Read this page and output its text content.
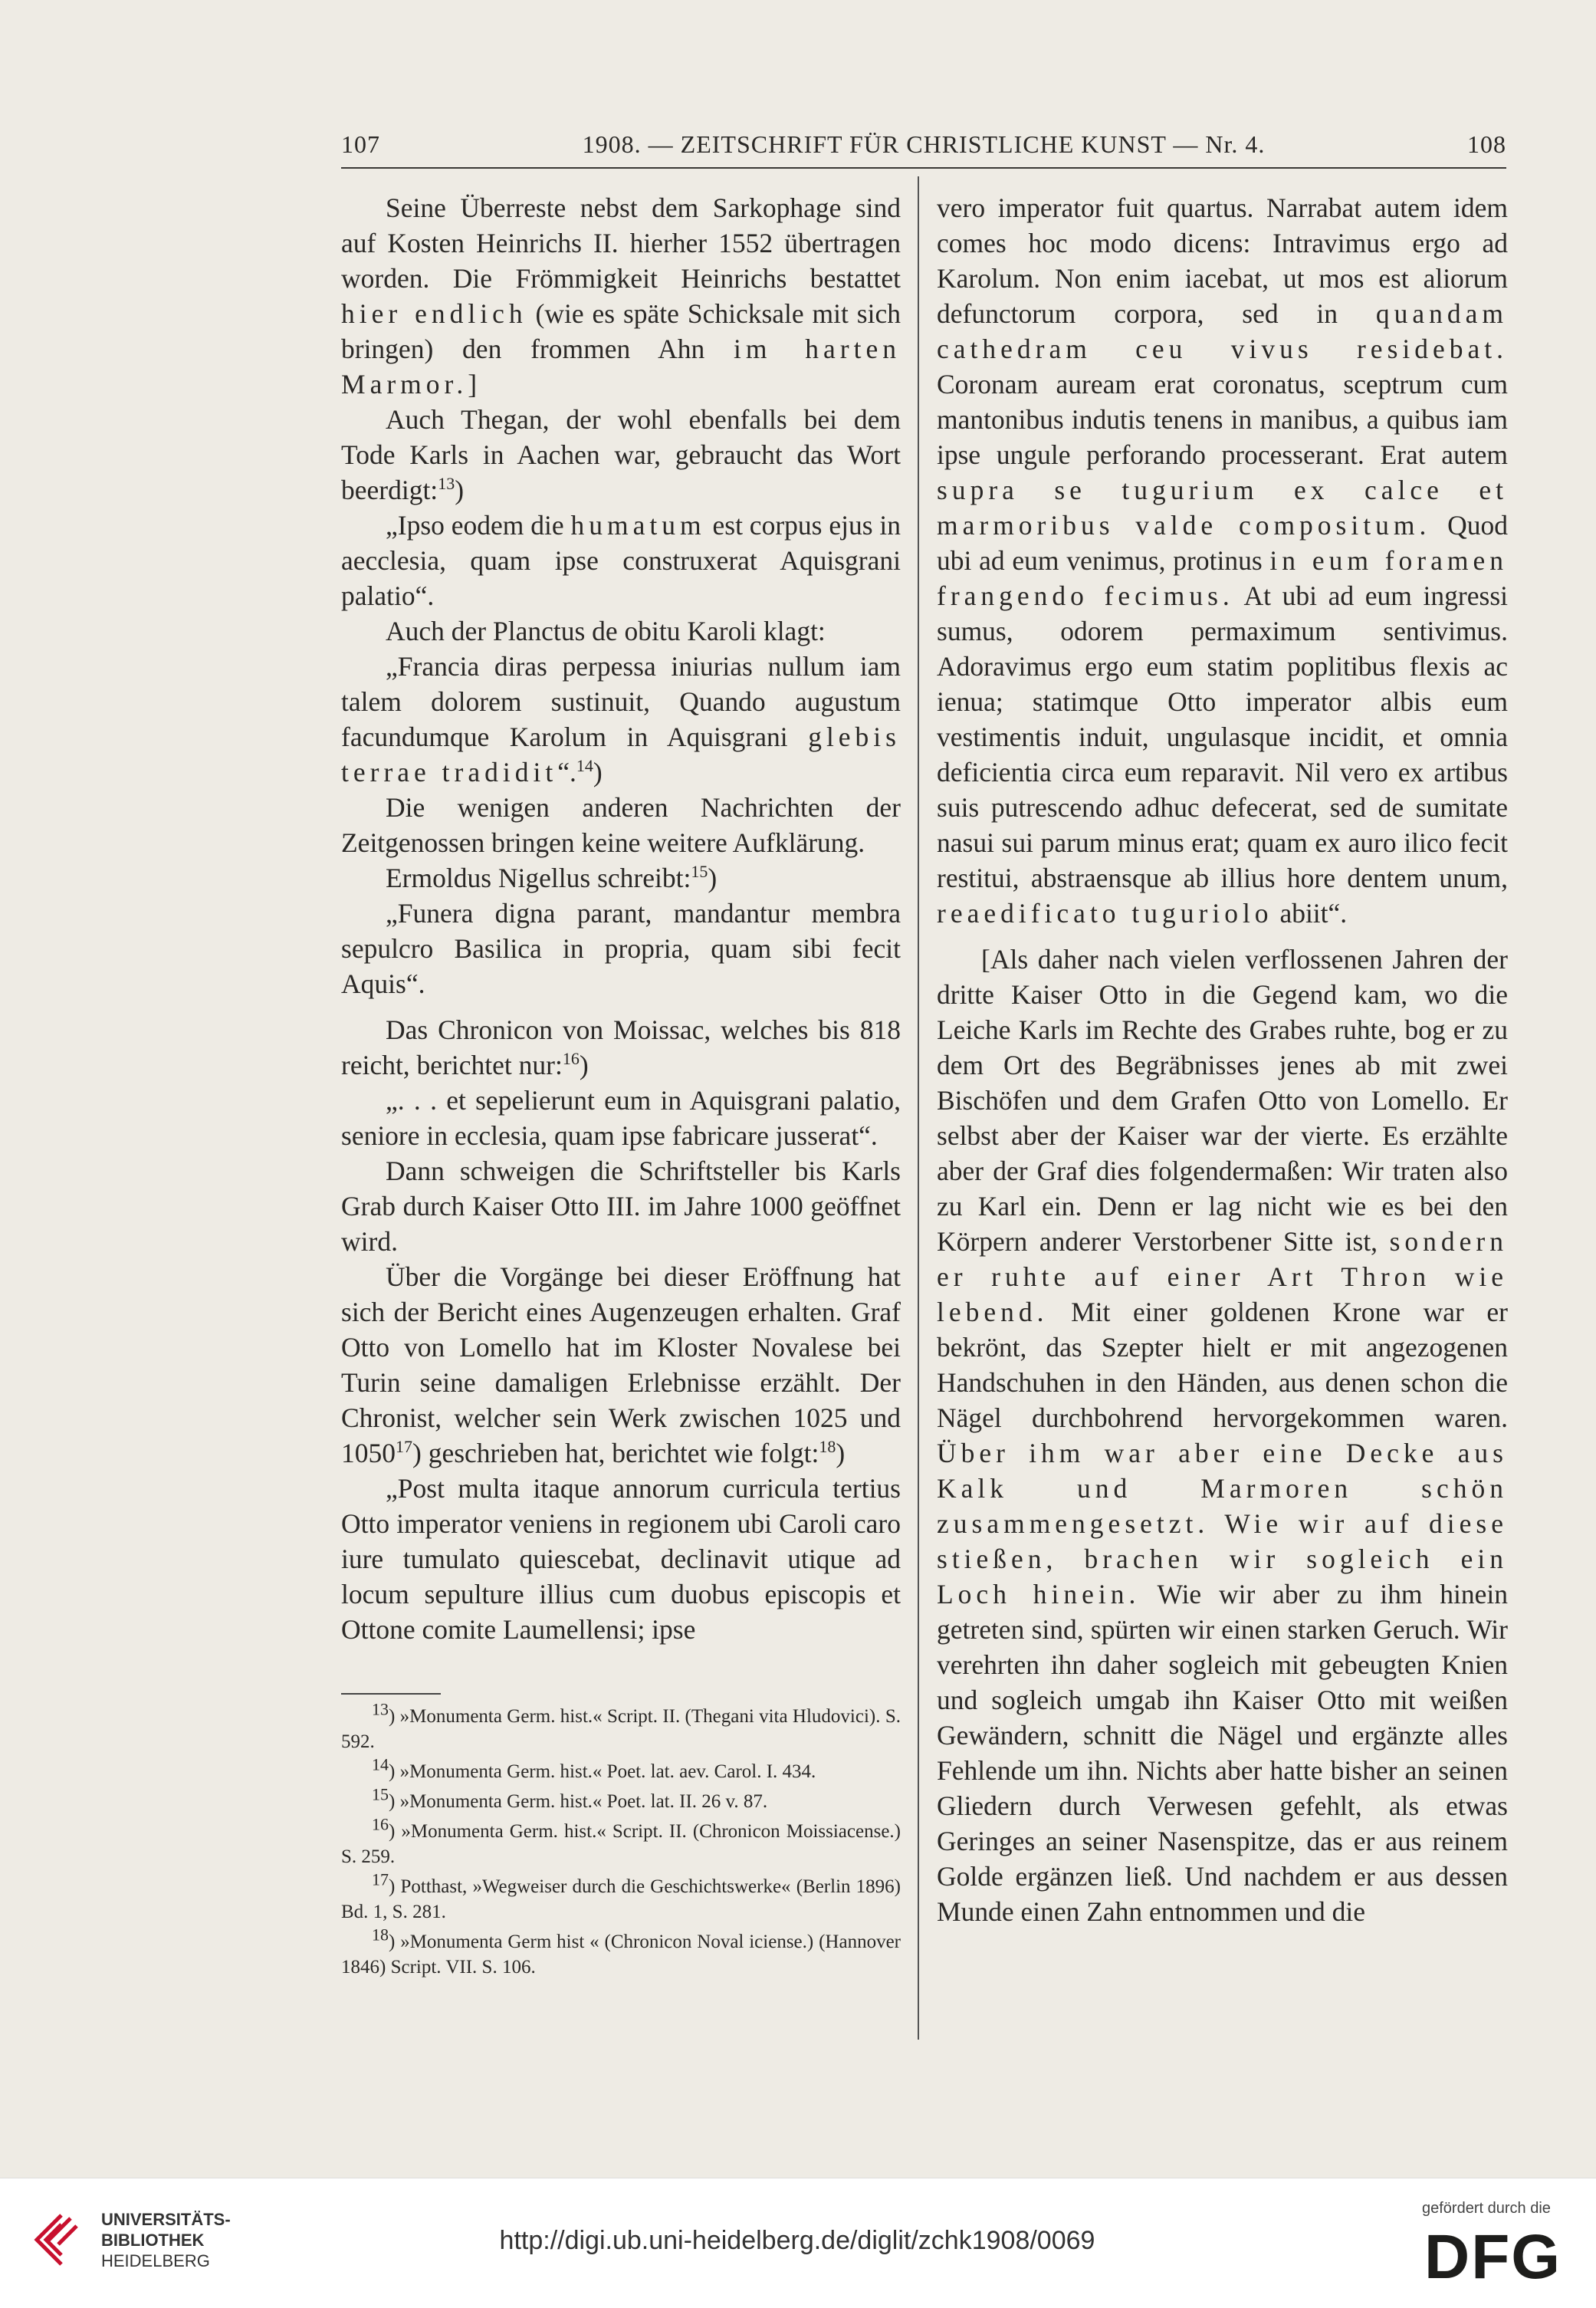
107	1908. — ZEITSCHRIFT FÜR CHRISTLICHE KUNST — Nr. 4.	108

Seine Überreste nebst dem Sarkophage sind auf Kosten Heinrichs II. hierher 1552 übertragen worden. Die Frömmigkeit Heinrichs bestattet hier endlich (wie es späte Schicksale mit sich bringen) den frommen Ahn im harten Marmor.]

Auch Thegan, der wohl ebenfalls bei dem Tode Karls in Aachen war, gebraucht das Wort beerdigt:$^{13}$)

„Ipso eodem die humatum est corpus ejus in aecclesia, quam ipse construxerat Aquisgrani palatio“.

Auch der Planctus de obitu Karoli klagt:

„Francia diras perpessa iniurias nullum iam talem dolorem sustinuit, Quando augustum facundumque Karolum in Aquisgrani glebis terrae tradidit“.$^{14}$)

Die wenigen anderen Nachrichten der Zeitgenossen bringen keine weitere Aufklärung.

Ermoldus Nigellus schreibt:$^{15}$)

„Funera digna parant, mandantur membra sepulcro Basilica in propria, quam sibi fecit Aquis“.

Das Chronicon von Moissac, welches bis 818 reicht, berichtet nur:$^{16}$)

„. . . et sepelierunt eum in Aquisgrani palatio, seniore in ecclesia, quam ipse fabricare jusserat“.

Dann schweigen die Schriftsteller bis Karls Grab durch Kaiser Otto III. im Jahre 1000 geöffnet wird.

Über die Vorgänge bei dieser Eröffnung hat sich der Bericht eines Augenzeugen erhalten. Graf Otto von Lomello hat im Kloster Novalese bei Turin seine damaligen Erlebnisse erzählt. Der Chronist, welcher sein Werk zwischen 1025 und 1050$^{17}$) geschrieben hat, berichtet wie folgt:$^{18}$)

„Post multa itaque annorum curricula tertius Otto imperator veniens in regionem ubi Caroli caro iure tumulato quiescebat, declinavit utique ad locum sepulture illius cum duobus episcopis et Ottone comite Laumellensi; ipse

$^{13}$) »Monumenta Germ. hist.« Script. II. (Thegani vita Hludovici). S. 592.

$^{14}$) »Monumenta Germ. hist.« Poet. lat. aev. Carol. I. 434.

$^{15}$) »Monumenta Germ. hist.« Poet. lat. II. 26 v. 87.

$^{16}$) »Monumenta Germ. hist.« Script. II. (Chronicon Moissiacense.) S. 259.

$^{17}$) Potthast, »Wegweiser durch die Geschichtswerke« (Berlin 1896) Bd. 1, S. 281.

$^{18}$) »Monumenta Germ hist « (Chronicon Noval iciense.) (Hannover 1846) Script. VII. S. 106.

vero imperator fuit quartus. Narrabat autem idem comes hoc modo dicens: Intravimus ergo ad Karolum. Non enim iacebat, ut mos est aliorum defunctorum corpora, sed in quandam cathedram ceu vivus residebat. Coronam auream erat coronatus, sceptrum cum mantonibus indutis tenens in manibus, a quibus iam ipse ungule perforando processerant. Erat autem supra se tugurium ex calce et marmoribus valde compositum. Quod ubi ad eum venimus, protinus in eum foramen frangendo fecimus. At ubi ad eum ingressi sumus, odorem permaximum sentivimus. Adoravimus ergo eum statim poplitibus flexis ac ienua; statimque Otto imperator albis eum vestimentis induit, ungulasque incidit, et omnia deficientia circa eum reparavit. Nil vero ex artibus suis putrescendo adhuc defecerat, sed de sumitate nasui sui parum minus erat; quam ex auro ilico fecit restitui, abstraensque ab illius hore dentem unum, reaedificato tuguriolo abiit“.

[Als daher nach vielen verflossenen Jahren der dritte Kaiser Otto in die Gegend kam, wo die Leiche Karls im Rechte des Grabes ruhte, bog er zu dem Ort des Begräbnisses jenes ab mit zwei Bischöfen und dem Grafen Otto von Lomello. Er selbst aber der Kaiser war der vierte. Es erzählte aber der Graf dies folgendermaßen: Wir traten also zu Karl ein. Denn er lag nicht wie es bei den Körpern anderer Verstorbener Sitte ist, sondern er ruhte auf einer Art Thron wie lebend. Mit einer goldenen Krone war er bekrönt, das Szepter hielt er mit angezogenen Handschuhen in den Händen, aus denen schon die Nägel durchbohrend hervorgekommen waren. Über ihm war aber eine Decke aus Kalk und Marmoren schön zusammengesetzt. Wie wir auf diese stießen, brachen wir sogleich ein Loch hinein. Wie wir aber zu ihm hinein getreten sind, spürten wir einen starken Geruch. Wir verehrten ihn daher sogleich mit gebeugten Knien und sogleich umgab ihn Kaiser Otto mit weißen Gewändern, schnitt die Nägel und ergänzte alles Fehlende um ihn. Nichts aber hatte bisher an seinen Gliedern durch Verwesen gefehlt, als etwas Geringes an seiner Nasenspitze, das er aus reinem Golde ergänzen ließ. Und nachdem er aus dessen Munde einen Zahn entnommen und die

UNIVERSITÄTS-
BIBLIOTHEK
HEIDELBERG
http://digi.ub.uni-heidelberg.de/diglit/zchk1908/0069
gefördert durch die
DFG
